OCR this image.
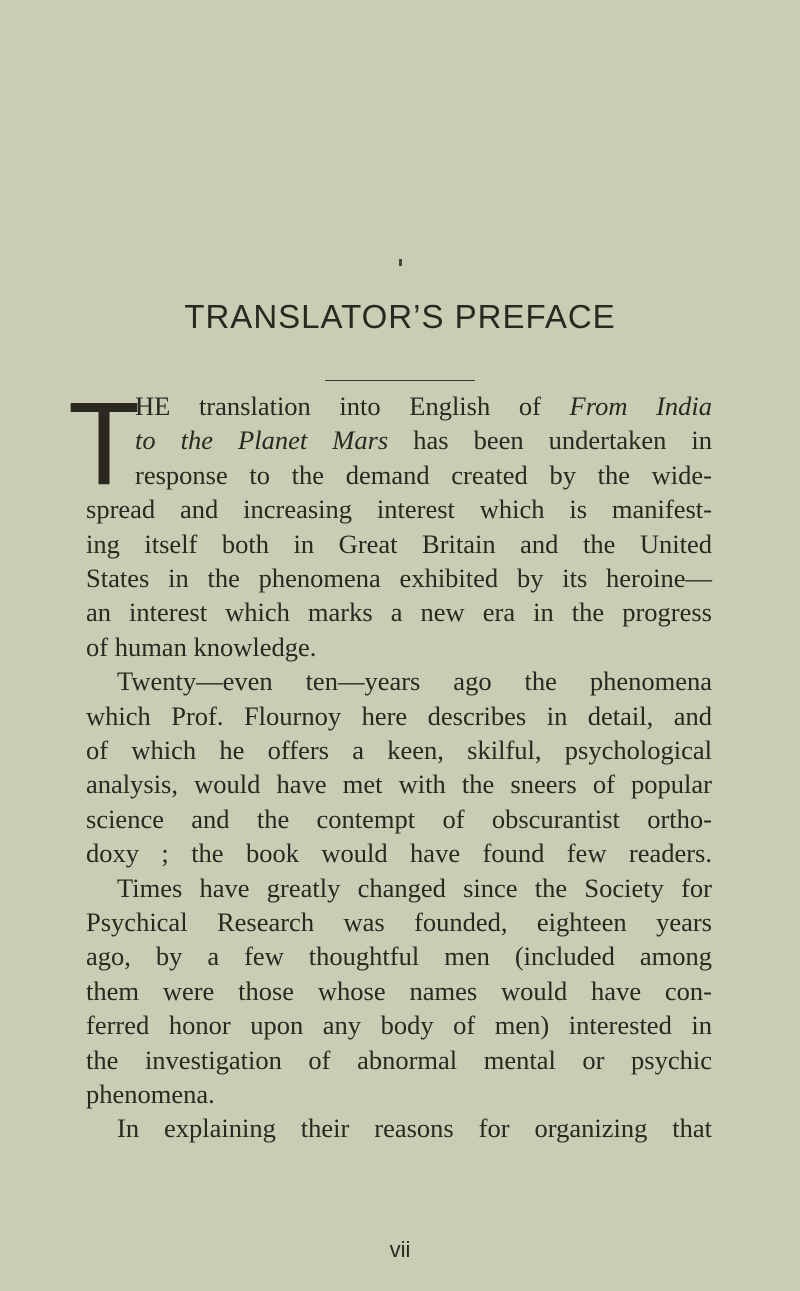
TRANSLATOR’S PREFACE
T
HE translation into English of From India
to the Planet Mars has been undertaken in
response to the demand created by the wide-
spread and increasing interest which is manifest-
ing itself both in Great Britain and the United
States in the phenomena exhibited by its heroine—
an interest which marks a new era in the progress
of human knowledge.
Twenty—even ten—years ago the phenomena
which Prof. Flournoy here describes in detail, and
of which he offers a keen, skilful, psychological
analysis, would have met with the sneers of popular
science and the contempt of obscurantist ortho-
doxy ; the book would have found few readers.
Times have greatly changed since the Society for
Psychical Research was founded, eighteen years
ago, by a few thoughtful men (included among
them were those whose names would have con-
ferred honor upon any body of men) interested in
the investigation of abnormal mental or psychic
phenomena.
In explaining their reasons for organizing that
vii
